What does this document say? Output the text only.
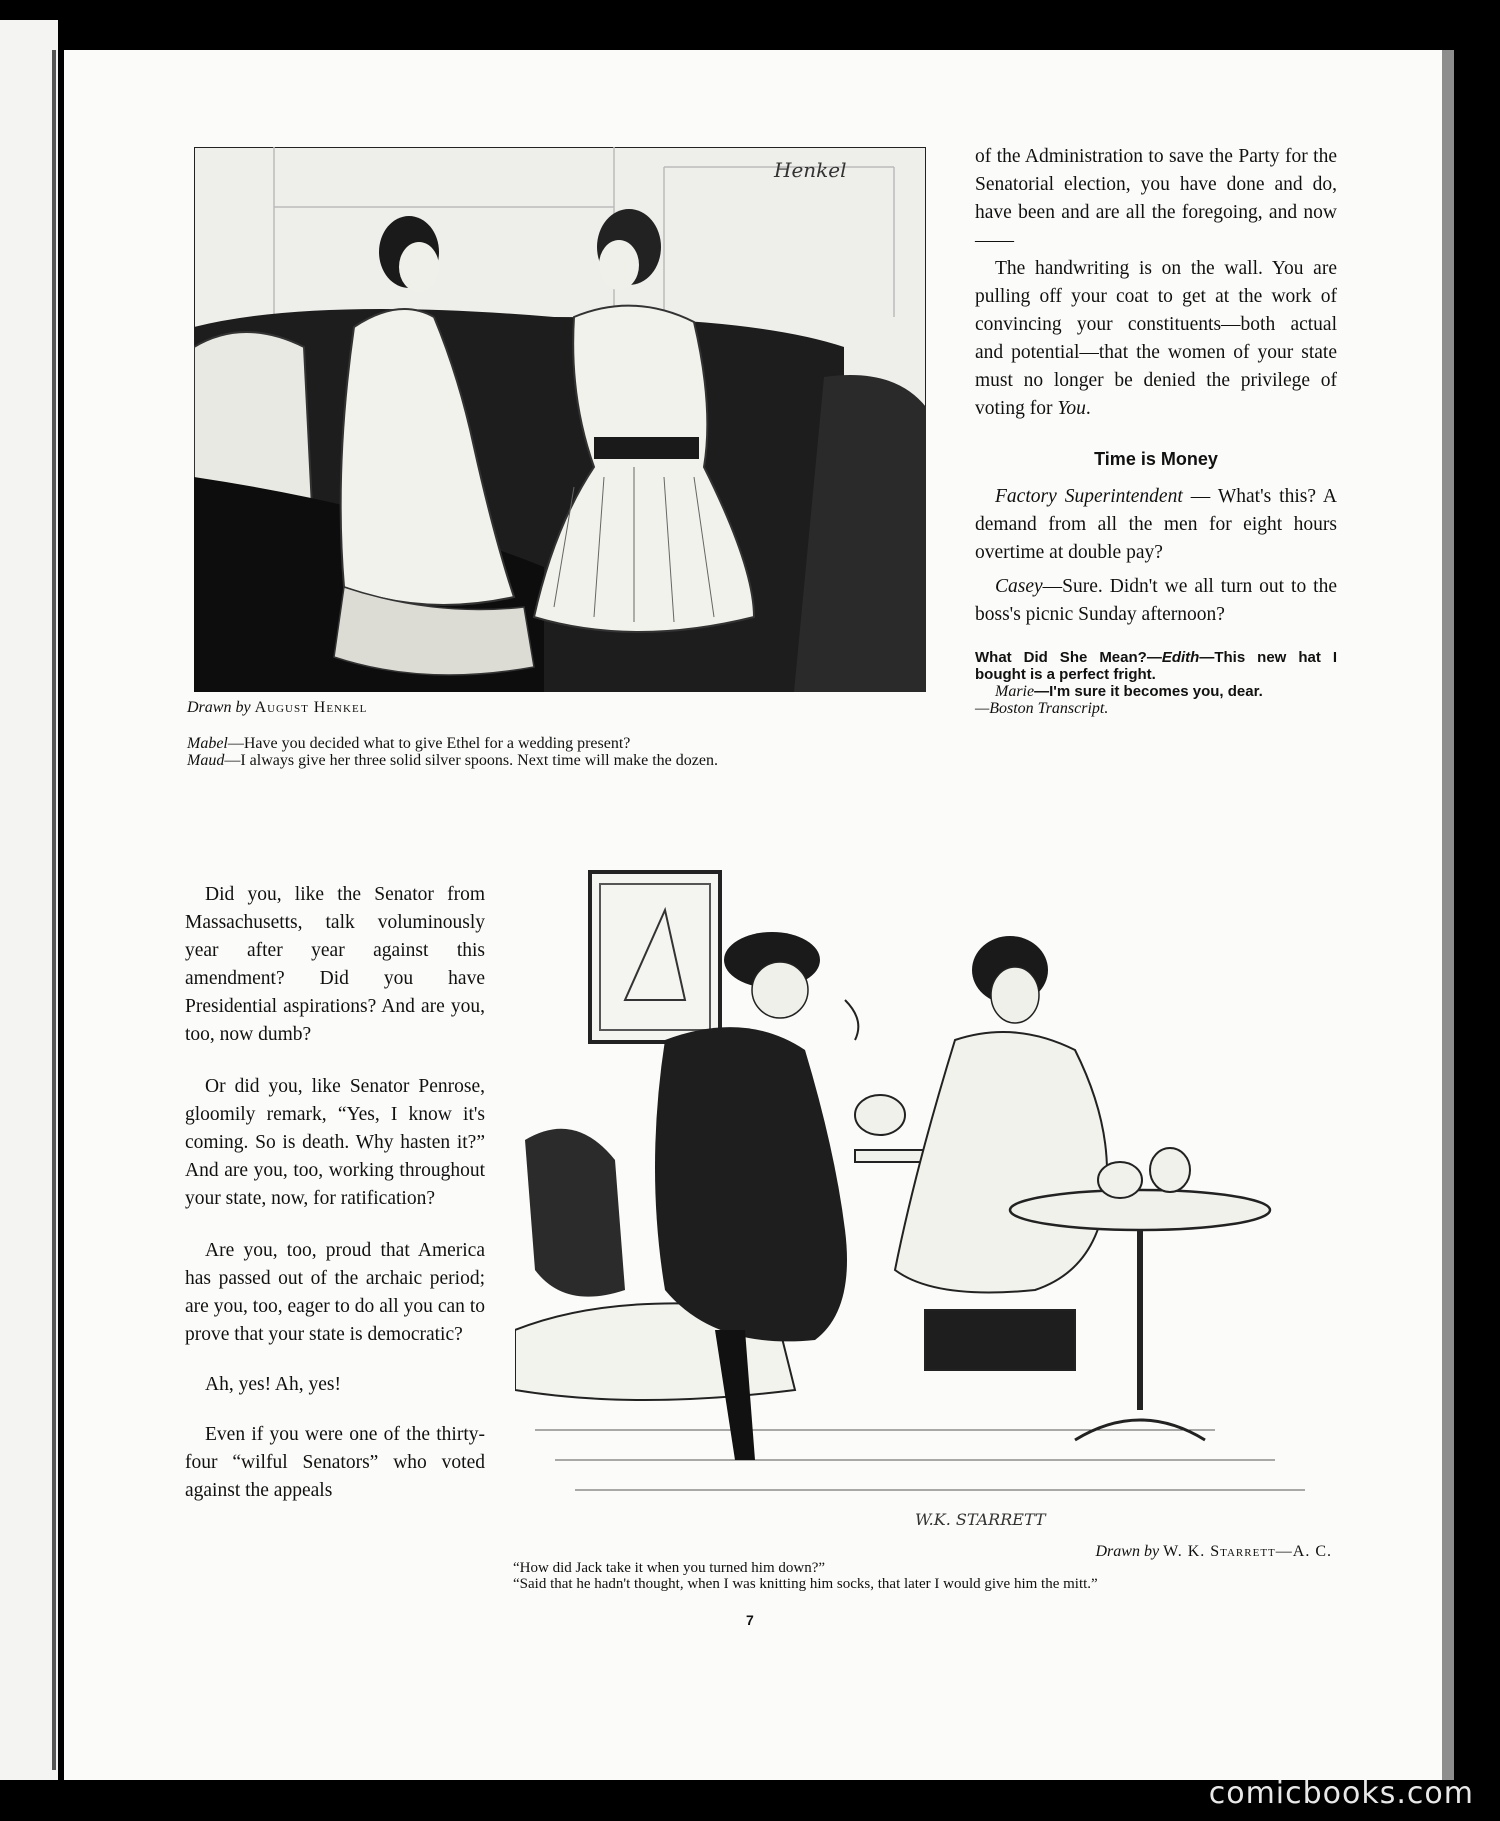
Henkel
Drawn by August Henkel
Mabel—Have you decided what to give Ethel for a wedding present?
Maud—I always give her three solid silver spoons. Next time will make the dozen.

of the Administration to save the Party for the Senatorial election, you have done and do, have been and are all the foregoing, and now——

The handwriting is on the wall. You are pulling off your coat to get at the work of convincing your constituents—both actual and potential—that the women of your state must no longer be denied the privilege of voting for You.

Time is Money

Factory Superintendent — What's this? A demand from all the men for eight hours overtime at double pay?

Casey—Sure. Didn't we all turn out to the boss's picnic Sunday afternoon?

What Did She Mean?—Edith—This new hat I bought is a perfect fright.
Marie—I'm sure it becomes you, dear.
—Boston Transcript.

Did you, like the Senator from Massachusetts, talk voluminously year after year against this amendment? Did you have Presidential aspirations? And are you, too, now dumb?

Or did you, like Senator Penrose, gloomily remark, “Yes, I know it's coming. So is death. Why hasten it?” And are you, too, working throughout your state, now, for ratification?

Are you, too, proud that America has passed out of the archaic period; are you, too, eager to do all you can to prove that your state is democratic?

Ah, yes! Ah, yes!

Even if you were one of the thirty-four “wilful Senators” who voted against the appeals

W.K. STARRETT
Drawn by W. K. Starrett—A. C.
“How did Jack take it when you turned him down?”
“Said that he hadn't thought, when I was knitting him socks, that later I would give him the mitt.”
7
comicbooks.com
